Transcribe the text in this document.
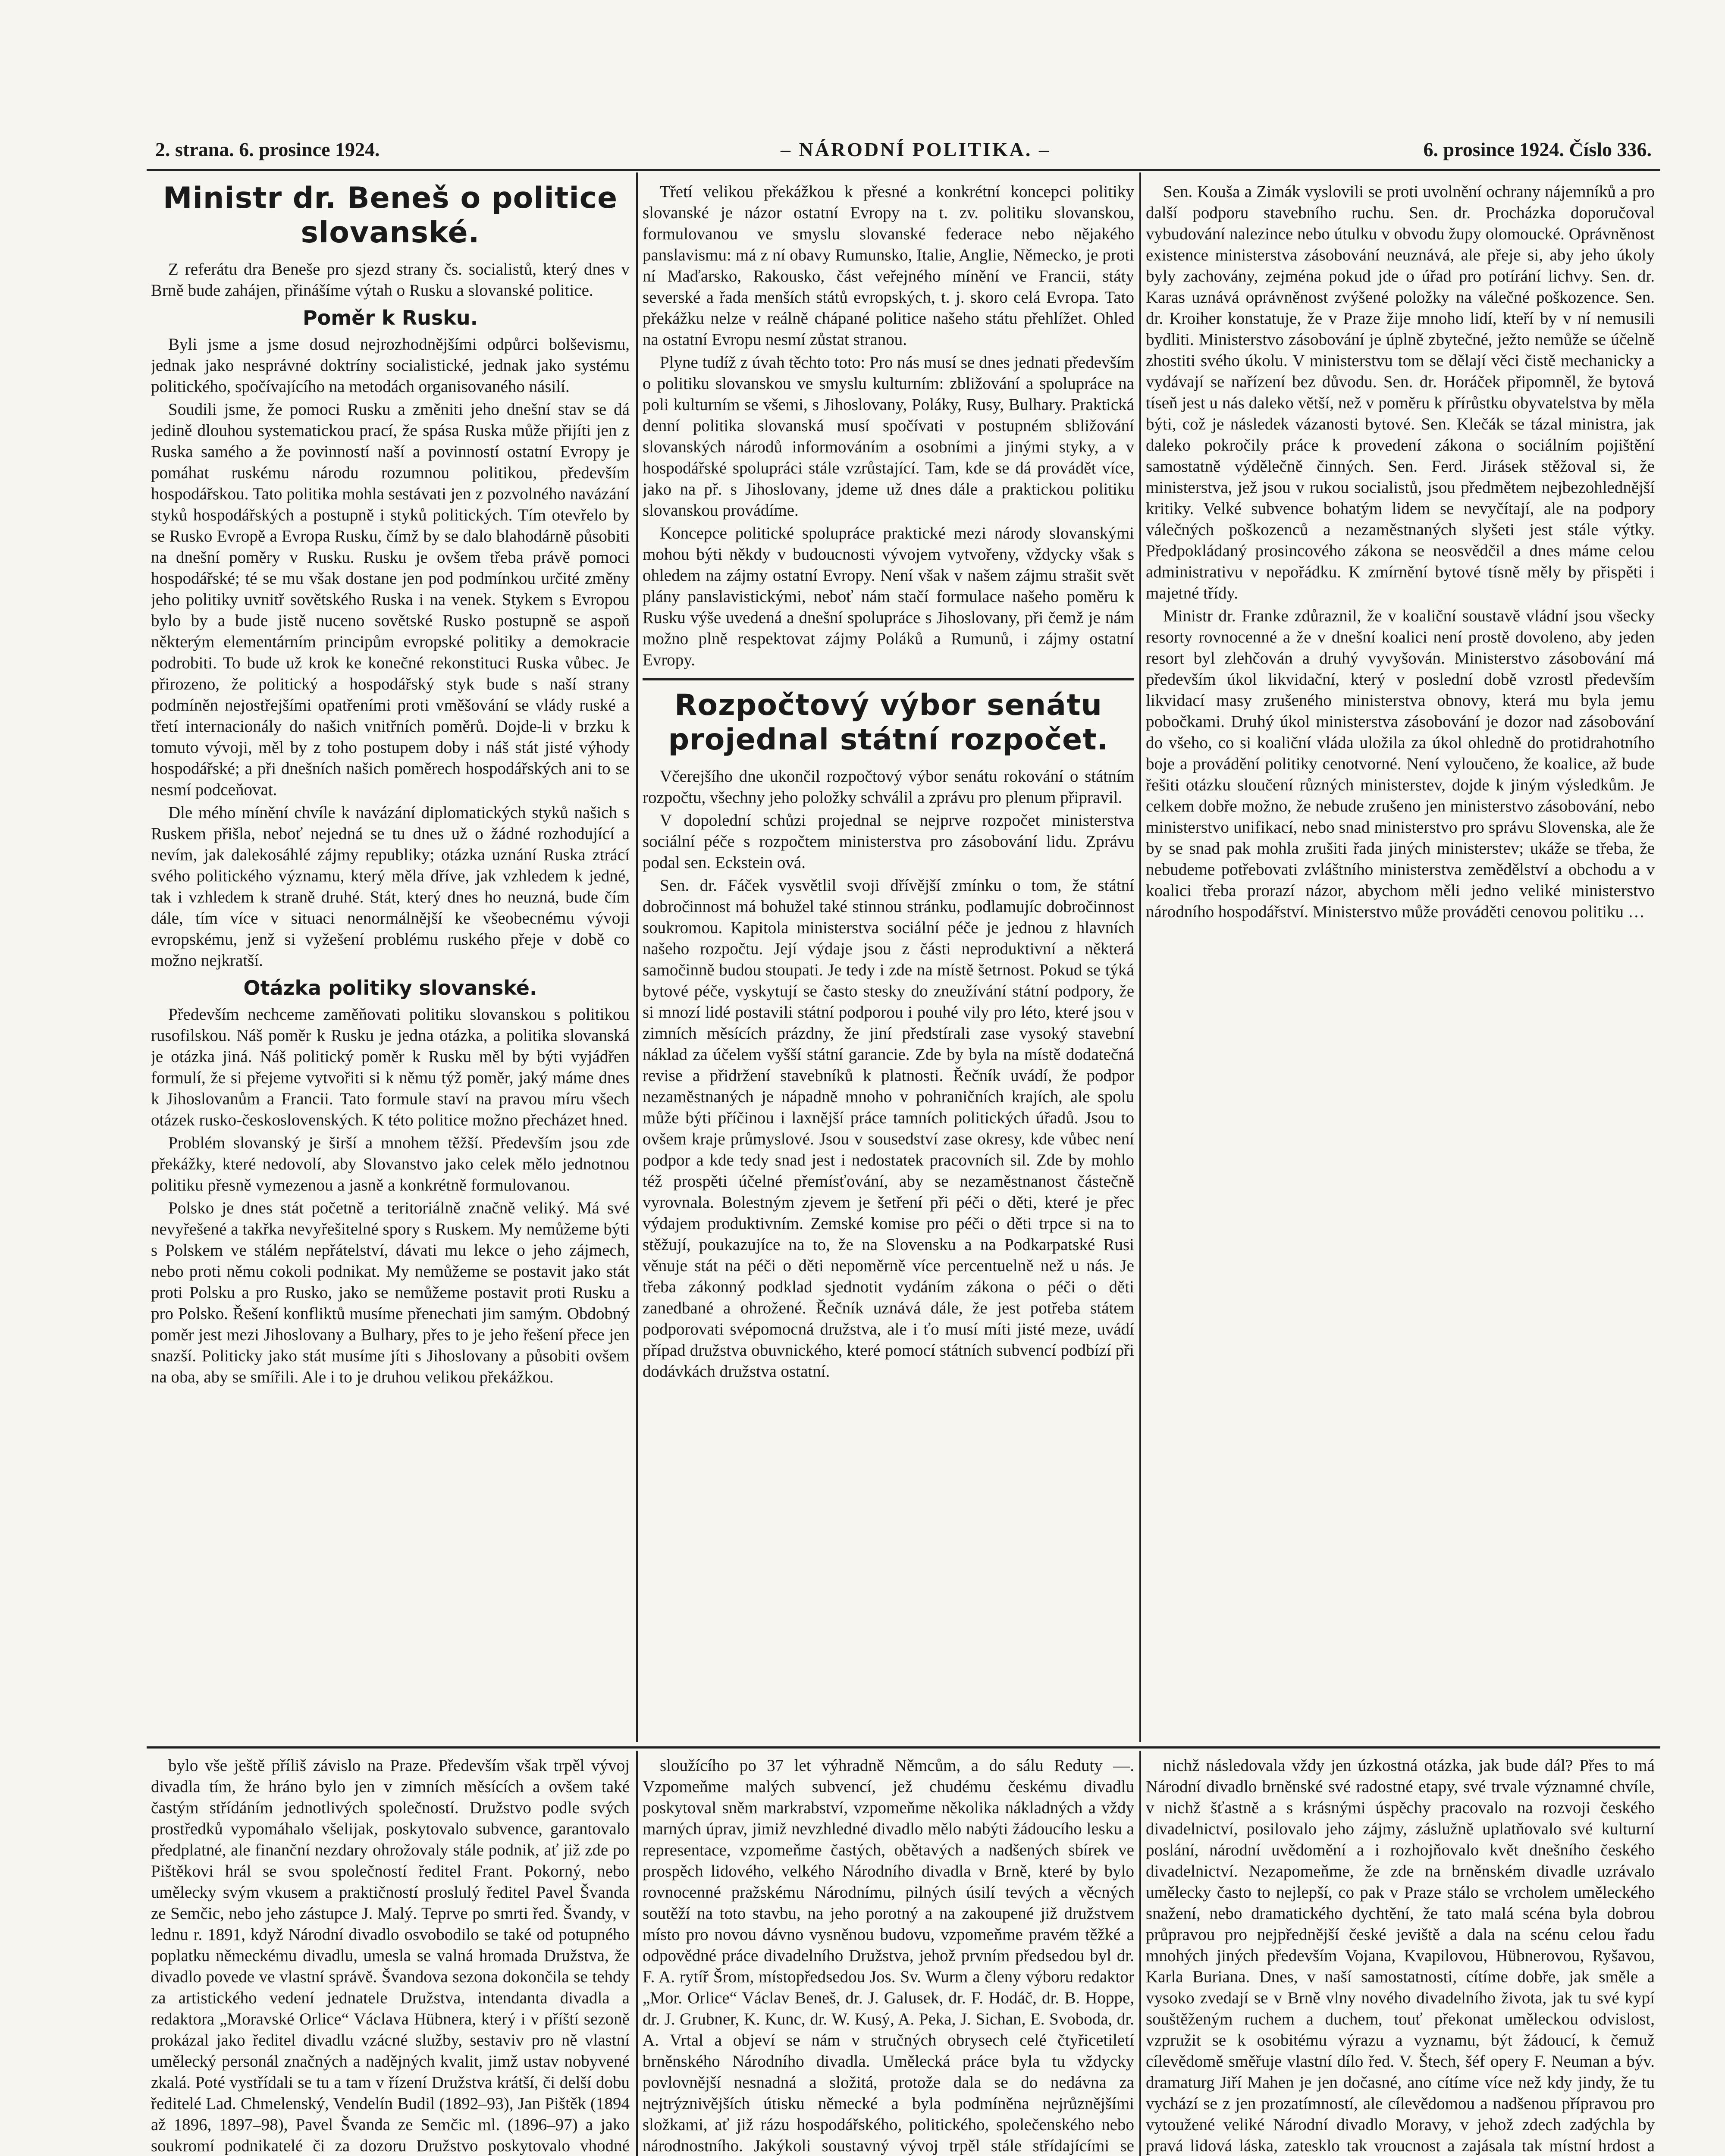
2. strana. 6. prosince 1924.	– NÁRODNÍ POLITIKA. –	6. prosince 1924. Číslo 336.
Ministr dr. Beneš o politice slovanské.

Z referátu dra Beneše pro sjezd strany čs. socialistů, který dnes v Brně bude zahájen, přinášíme výtah o Rusku a slovanské politice.

Poměr k Rusku.

Byli jsme a jsme dosud nejrozhodnějšími odpůrci bolševismu, jednak jako nesprávné doktríny socialistické, jednak jako systému politického, spočívajícího na metodách organisovaného násilí.

Soudili jsme, že pomoci Rusku a změniti jeho dnešní stav se dá jedině dlouhou systematickou prací, že spása Ruska může přijíti jen z Ruska samého a že povinností naší a povinností ostatní Evropy je pomáhat ruskému národu rozumnou politikou, především hospodářskou. Tato politika mohla sestávati jen z pozvolného navázání styků hospodářských a postupně i styků politických. Tím otevřelo by se Rusko Evropě a Evropa Rusku, čímž by se dalo blahodárně působiti na dnešní poměry v Rusku. Rusku je ovšem třeba právě pomoci hospodářské; té se mu však dostane jen pod podmínkou určité změny jeho politiky uvnitř sovětského Ruska i na venek. Stykem s Evropou bylo by a bude jistě nuceno sovětské Rusko postupně se aspoň některým elementárním principům evropské politiky a demokracie podrobiti. To bude už krok ke konečné rekonstituci Ruska vůbec. Je přirozeno, že politický a hospodářský styk bude s naší strany podmíněn nejostřejšími opatřeními proti vměšování se vlády ruské a třetí internacionály do našich vnitřních poměrů. Dojde-li v brzku k tomuto vývoji, měl by z toho postupem doby i náš stát jisté výhody hospodářské; a při dnešních našich poměrech hospodářských ani to se nesmí podceňovat.

Dle mého mínění chvíle k navázání diplomatických styků našich s Ruskem přišla, neboť nejedná se tu dnes už o žádné rozhodující a nevím, jak dalekosáhlé zájmy republiky; otázka uznání Ruska ztrácí svého politického významu, který měla dříve, jak vzhledem k jedné, tak i vzhledem k straně druhé. Stát, který dnes ho neuzná, bude čím dále, tím více v situaci nenormálnější ke všeobecnému vývoji evropskému, jenž si vyžešení problému ruského přeje v době co možno nejkratší.

Otázka politiky slovanské.

Především nechceme zaměňovati politiku slovanskou s politikou rusofilskou. Náš poměr k Rusku je jedna otázka, a politika slovanská je otázka jiná. Náš politický poměr k Rusku měl by býti vyjádřen formulí, že si přejeme vytvořiti si k němu týž poměr, jaký máme dnes k Jihoslovanům a Francii. Tato formule staví na pravou míru všech otázek rusko-československých. K této politice možno přecházet hned.

Problém slovanský je širší a mnohem těžší. Především jsou zde překážky, které nedovolí, aby Slovanstvo jako celek mělo jednotnou politiku přesně vymezenou a jasně a konkrétně formulovanou.

Polsko je dnes stát početně a teritoriálně značně veliký. Má své nevyřešené a takřka nevyřešitelné spory s Ruskem. My nemůžeme býti s Polskem ve stálém nepřátelství, dávati mu lekce o jeho zájmech, nebo proti němu cokoli podnikat. My nemůžeme se postavit jako stát proti Polsku a pro Rusko, jako se nemůžeme postavit proti Rusku a pro Polsko. Řešení konfliktů musíme přenechati jim samým. Obdobný poměr jest mezi Jihoslovany a Bulhary, přes to je jeho řešení přece jen snazší. Politicky jako stát musíme jíti s Jihoslovany a působiti ovšem na oba, aby se smířili. Ale i to je druhou velikou překážkou.

Třetí velikou překážkou k přesné a konkrétní koncepci politiky slovanské je názor ostatní Evropy na t. zv. politiku slovanskou, formulovanou ve smyslu slovanské federace nebo nějakého panslavismu: má z ní obavy Rumunsko, Italie, Anglie, Německo, je proti ní Maďarsko, Rakousko, část veřejného mínění ve Francii, státy severské a řada menších států evropských, t. j. skoro celá Evropa. Tato překážku nelze v reálně chápané politice našeho státu přehlížet. Ohled na ostatní Evropu nesmí zůstat stranou.

Plyne tudíž z úvah těchto toto: Pro nás musí se dnes jednati především o politiku slovanskou ve smyslu kulturním: zbližování a spolupráce na poli kulturním se všemi, s Jihoslovany, Poláky, Rusy, Bulhary. Praktická denní politika slovanská musí spočívati v postupném sbližování slovanských národů informováním a osobními a jinými styky, a v hospodářské spolupráci stále vzrůstající. Tam, kde se dá provádět více, jako na př. s Jihoslovany, jdeme už dnes dále a praktickou politiku slovanskou provádíme.

Koncepce politické spolupráce praktické mezi národy slovanskými mohou býti někdy v budoucnosti vývojem vytvořeny, vždycky však s ohledem na zájmy ostatní Evropy. Není však v našem zájmu strašit svět plány panslavistickými, neboť nám stačí formulace našeho poměru k Rusku výše uvedená a dnešní spolupráce s Jihoslovany, při čemž je nám možno plně respektovat zájmy Poláků a Rumunů, i zájmy ostatní Evropy.

Rozpočtový výbor senátu projednal státní rozpočet.

Včerejšího dne ukončil rozpočtový výbor senátu rokování o státním rozpočtu, všechny jeho položky schválil a zprávu pro plenum připravil.

V dopolední schůzi projednal se nejprve rozpočet ministerstva sociální péče s rozpočtem ministerstva pro zásobování lidu. Zprávu podal sen. Eckstein ová.

Sen. dr. Fáček vysvětlil svoji dřívější zmínku o tom, že státní dobročinnost má bohužel také stinnou stránku, podlamujíc dobročinnost soukromou. Kapitola ministerstva sociální péče je jednou z hlavních našeho rozpočtu. Její výdaje jsou z části neproduktivní a některá samočinně budou stoupati. Je tedy i zde na místě šetrnost. Pokud se týká bytové péče, vyskytují se často stesky do zneužívání státní podpory, že si mnozí lidé postavili státní podporou i pouhé vily pro léto, které jsou v zimních měsících prázdny, že jiní předstírali zase vysoký stavební náklad za účelem vyšší státní garancie. Zde by byla na místě dodatečná revise a přidržení stavebníků k platnosti. Řečník uvádí, že podpor nezaměstnaných je nápadně mnoho v pohraničních krajích, ale spolu může býti příčinou i laxnější práce tamních politických úřadů. Jsou to ovšem kraje průmyslové. Jsou v sousedství zase okresy, kde vůbec není podpor a kde tedy snad jest i nedostatek pracovních sil. Zde by mohlo též prospěti účelné přemísťování, aby se nezaměstnanost částečně vyrovnala. Bolestným zjevem je šetření při péči o děti, které je přec výdajem produktivním. Zemské komise pro péči o děti trpce si na to stěžují, poukazujíce na to, že na Slovensku a na Podkarpatské Rusi věnuje stát na péči o děti nepoměrně více percentuelně než u nás. Je třeba zákonný podklad sjednotit vydáním zákona o péči o děti zanedbané a ohrožené. Řečník uznává dále, že jest potřeba státem podporovati svépomocná družstva, ale i ťo musí míti jisté meze, uvádí případ družstva obuvnického, které pomocí státních subvencí podbízí při dodávkách družstva ostatní.

Sen. Kouša a Zimák vyslovili se proti uvolnění ochrany nájemníků a pro další podporu stavebního ruchu. Sen. dr. Procházka doporučoval vybudování nalezince nebo útulku v obvodu župy olomoucké. Oprávněnost existence ministerstva zásobování neuznává, ale přeje si, aby jeho úkoly byly zachovány, zejména pokud jde o úřad pro potírání lichvy. Sen. dr. Karas uznává oprávněnost zvýšené položky na válečné poškozence. Sen. dr. Kroiher konstatuje, že v Praze žije mnoho lidí, kteří by v ní nemusili bydliti. Ministerstvo zásobování je úplně zbytečné, ježto nemůže se účelně zhostiti svého úkolu. V ministerstvu tom se dělají věci čistě mechanicky a vydávají se nařízení bez důvodu. Sen. dr. Horáček připomněl, že bytová tíseň jest u nás daleko větší, než v poměru k přírůstku obyvatelstva by měla býti, což je následek vázanosti bytové. Sen. Klečák se tázal ministra, jak daleko pokročily práce k provedení zákona o sociálním pojištění samostatně výdělečně činných. Sen. Ferd. Jirásek stěžoval si, že ministerstva, jež jsou v rukou socialistů, jsou předmětem nejbezohlednější kritiky. Velké subvence bohatým lidem se nevyčítají, ale na podpory válečných poškozenců a nezaměstnaných slyšeti jest stále výtky. Předpokládaný prosincového zákona se neosvědčil a dnes máme celou administrativu v nepořádku. K zmírnění bytové tísně měly by přispěti i majetné třídy.

Ministr dr. Franke zdůraznil, že v koaliční soustavě vládní jsou všecky resorty rovnocenné a že v dnešní koalici není prostě dovoleno, aby jeden resort byl zlehčován a druhý vyvyšován. Ministerstvo zásobování má především úkol likvidační, který v poslední době vzrostl především likvidací masy zrušeného ministerstva obnovy, která mu byla jemu pobočkami. Druhý úkol ministerstva zásobování je dozor nad zásobování do všeho, co si koaliční vláda uložila za úkol ohledně do protidrahotního boje a provádění politiky cenotvorné. Není vyloučeno, že koalice, až bude řešiti otázku sloučení různých ministerstev, dojde k jiným výsledkům. Je celkem dobře možno, že nebude zrušeno jen ministerstvo zásobování, nebo ministerstvo unifikací, nebo snad ministerstvo pro správu Slovenska, ale že by se snad pak mohla zrušiti řada jiných ministerstev; ukáže se třeba, že nebudeme potřebovati zvláštního ministerstva zemědělství a obchodu a v koalici třeba prorazí názor, abychom měli jedno veliké ministerstvo národního hospodářství. Ministerstvo může prováděti cenovou politiku …

bylo vše ještě příliš závislo na Praze. Především však trpěl vývoj divadla tím, že hráno bylo jen v zimních měsících a ovšem také častým střídáním jednotlivých společností. Družstvo podle svých prostředků vypomáhalo všelijak, poskytovalo subvence, garantovalo předplatné, ale finanční nezdary ohrožovaly stále podnik, ať již zde po Pištěkovi hrál se svou společností ředitel Frant. Pokorný, nebo umělecky svým vkusem a praktičností proslulý ředitel Pavel Švanda ze Semčic, nebo jeho zástupce J. Malý. Teprve po smrti řed. Švandy, v lednu r. 1891, když Národní divadlo osvobodilo se také od potupného poplatku německému divadlu, umesla se valná hromada Družstva, že divadlo povede ve vlastní správě. Švandova sezona dokončila se tehdy za artistického vedení jednatele Družstva, intendanta divadla a redaktora „Moravské Orlice“ Václava Hübnera, který i v příští sezoně prokázal jako ředitel divadlu vzácné služby, sestaviv pro ně vlastní umělecký personál značných a nadějných kvalit, jimž ustav nobyvené zkalá. Poté vystřídali se tu a tam v řízení Družstva krátší, či delší dobu ředitelé Lad. Chmelenský, Vendelín Budil (1892–93), Jan Pištěk (1894 až 1896, 1897–98), Pavel Švanda ze Semčic ml. (1896–97) a jako soukromí podnikatelé či za dozoru Družstvo poskytovalo vhodné

sloužícího po 37 let výhradně Němcům, a do sálu Reduty —. Vzpomeňme malých subvencí, jež chudému českému divadlu poskytoval sněm markrabství, vzpomeňme několika nákladných a vždy marných úprav, jimiž nevzhledné divadlo mělo nabýti žádoucího lesku a representace, vzpomeňme častých, obětavých a nadšených sbírek ve prospěch lidového, velkého Národního divadla v Brně, které by bylo rovnocenné pražskému Národnímu, pilných úsilí tevých a věcných soutěží na toto stavbu, na jeho porotný a na zakoupené již družstvem místo pro novou dávno vysněnou budovu, vzpomeňme pravém těžké a odpovědné práce divadelního Družstva, jehož prvním předsedou byl dr. F. A. rytíř Šrom, místopředsedou Jos. Sv. Wurm a členy výboru redaktor „Mor. Orlice“ Václav Beneš, dr. J. Galusek, dr. F. Hodáč, dr. B. Hoppe, dr. J. Grubner, K. Kunc, dr. W. Kusý, A. Peka, J. Sichan, E. Svoboda, dr. A. Vrtal a objeví se nám v stručných obrysech celé čtyřicetiletí brněnského Národního divadla. Umělecká práce byla tu vždycky povlovnější nesnadná a složitá, protože dala se do nedávna za nejtrýznivějších útisku německé a byla podmíněna nejrůznějšími složkami, ať již rázu hospodářského, politického, společenského nebo národnostního. Jakýkoli soustavný vývoj trpěl stále střídajícími se

nichž následovala vždy jen úzkostná otázka, jak bude dál? Přes to má Národní divadlo brněnské své radostné etapy, své trvale významné chvíle, v nichž šťastně a s krásnými úspěchy pracovalo na rozvoji českého divadelnictví, posilovalo jeho zájmy, záslužně uplatňovalo své kulturní poslání, národní uvědomění a i rozhojňovalo květ dnešního českého divadelnictví. Nezapomeňme, že zde na brněnském divadle uzrávalo umělecky často to nejlepší, co pak v Praze stálo se vrcholem uměleckého snažení, nebo dramatického dychtění, že tato malá scéna byla dobrou průpravou pro nejpřednější české jeviště a dala na scénu celou řadu mnohých jiných především Vojana, Kvapilovou, Hübnerovou, Ryšavou, Karla Buriana. Dnes, v naší samostatnosti, cítíme dobře, jak směle a vysoko zvedají se v Brně vlny nového divadelního života, jak tu své kypí souštěženým ruchem a duchem, touť překonat uměleckou odvislost, vzpružit se k osobitému výrazu a vyznamu, být žádoucí, k čemuž cílevědomě směřuje vlastní dílo řed. V. Štech, šéf opery F. Neuman a býv. dramaturg Jiří Mahen je jen dočasné, ano cítíme více než kdy jindy, že tu vychází se z jen prozatímností, ale cílevědomou a nadšenou přípravou pro vytoužené veliké Národní divadlo Moravy, v jehož zdech zadýchla by pravá lidová láska, zatesklo tak vroucnost a zajásala tak místní hrdost a
